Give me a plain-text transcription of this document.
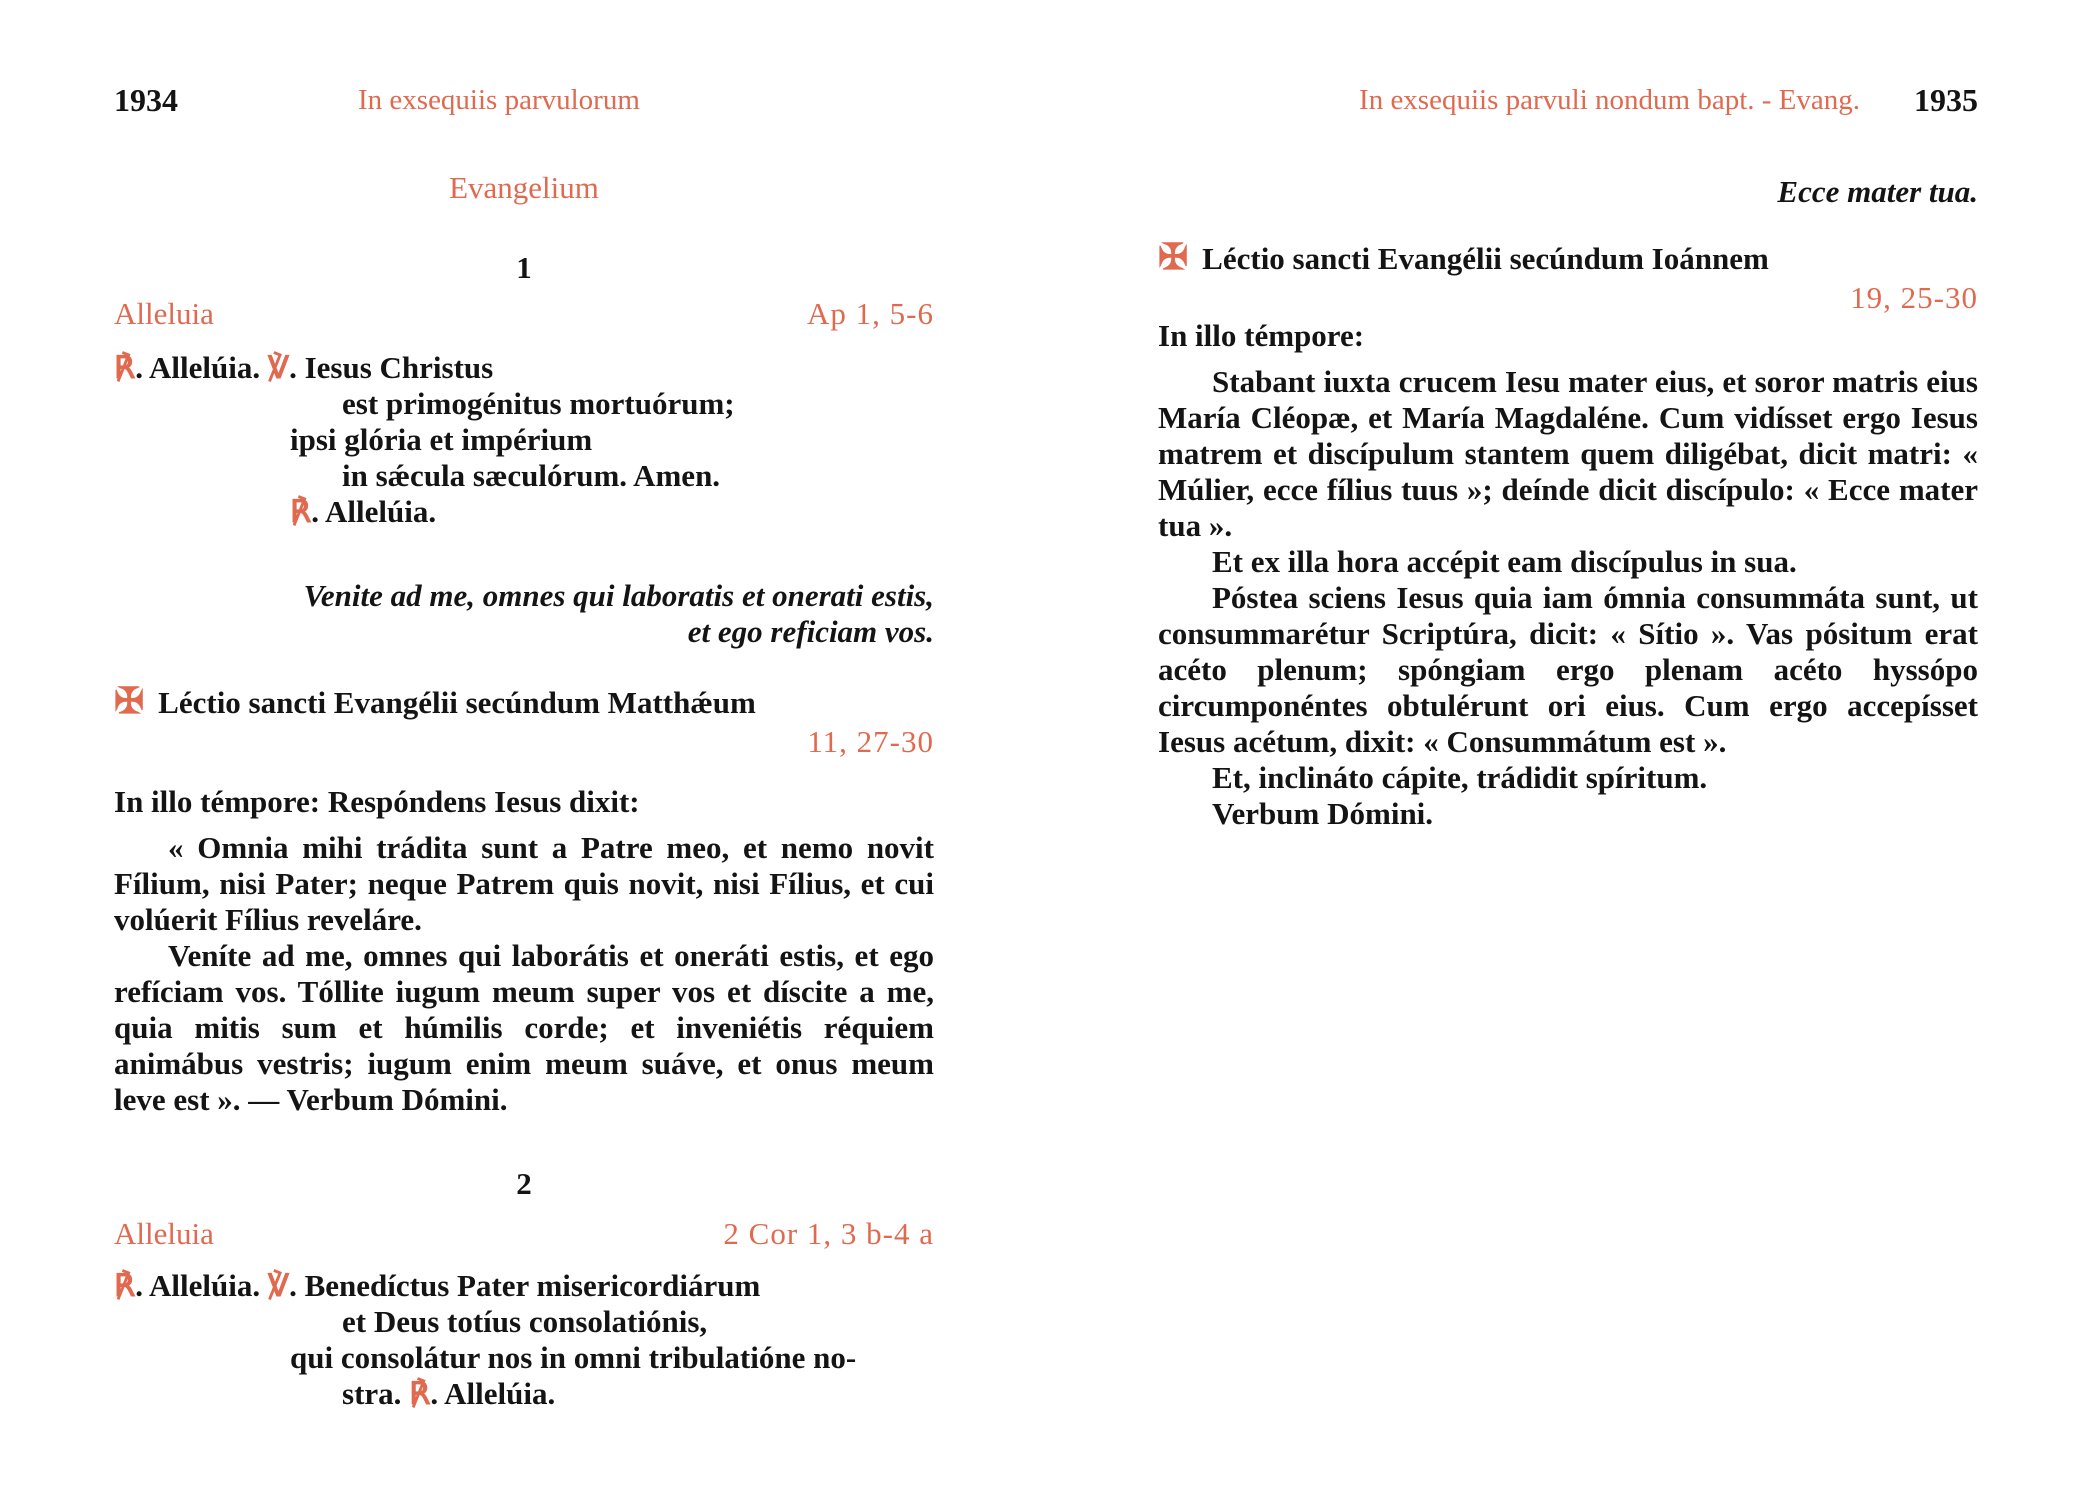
1934	In exsequiis parvulorum
Evangelium
1
Alleluia	Ap 1, 5-6
℟. Allelúia. ℣. Iesus Christus
est primogénitus mortuórum;
ipsi glória et impérium
in sǽcula sæculórum. Amen.
℟. Allelúia.
Venite ad me, omnes qui laboratis et onerati estis,
et ego reficiam vos.
✠ Léctio sancti Evangélii secúndum Matthǽum
11, 27-30
In illo témpore: Respóndens Iesus dixit:

« Omnia mihi trádita sunt a Patre meo, et nemo novit Fílium, nisi Pater; neque Patrem quis novit, nisi Fílius, et cui volúerit Fílius reveláre.

Veníte ad me, omnes qui laborátis et oneráti estis, et ego refíciam vos. Tóllite iugum meum super vos et díscite a me, quia mitis sum et húmilis corde; et inveniétis réquiem animábus vestris; iugum enim meum suáve, et onus meum leve est ». — Verbum Dómini.

2
Alleluia	2 Cor 1, 3 b-4 a
℟. Allelúia. ℣. Benedíctus Pater misericordiárum
et Deus totíus consolatiónis,
qui consolátur nos in omni tribulatióne no-
stra. ℟. Allelúia.
In exsequiis parvuli nondum bapt. - Evang. 1935
Ecce mater tua.
✠ Léctio sancti Evangélii secúndum Ioánnem
19, 25-30
In illo témpore:

Stabant iuxta crucem Iesu mater eius, et soror matris eius María Cléopæ, et María Magdaléne. Cum vidísset ergo Iesus matrem et discípulum stantem quem diligébat, dicit matri: « Múlier, ecce fílius tuus »; deínde dicit discípulo: « Ecce mater tua ».

Et ex illa hora accépit eam discípulus in sua.

Póstea sciens Iesus quia iam ómnia consummáta sunt, ut consummarétur Scriptúra, dicit: « Sítio ». Vas pósitum erat acéto plenum; spóngiam ergo plenam acéto hyssópo circumponéntes obtulérunt ori eius. Cum ergo accepísset Iesus acétum, dixit: « Consummátum est ».

Et, inclináto cápite, trádidit spíritum.

Verbum Dómini.
